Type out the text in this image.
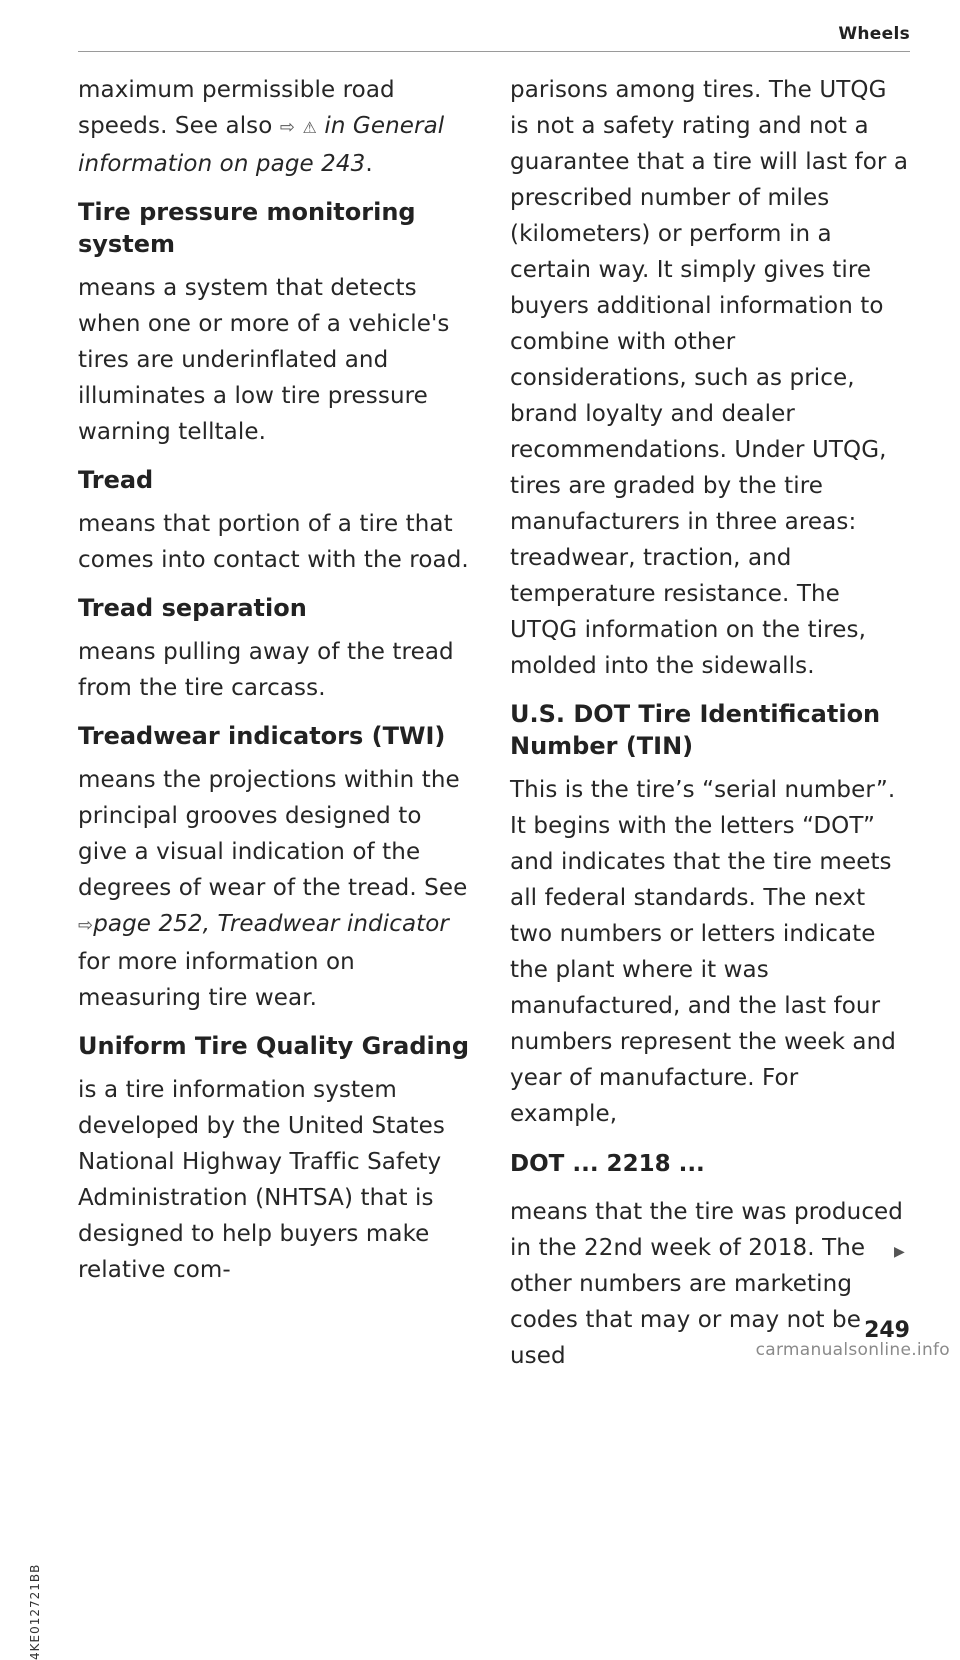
Wheels

maximum permissible road speeds. See also ⇨ ⚠ in General information on page 243.

Tire pressure monitoring system

means a system that detects when one or more of a vehicle's tires are underinflated and illuminates a low tire pressure warning telltale.

Tread

means that portion of a tire that comes into contact with the road.

Tread separation

means pulling away of the tread from the tire carcass.

Treadwear indicators (TWI)

means the projections within the principal grooves designed to give a visual indication of the degrees of wear of the tread. See
⇨page 252, Treadwear indicator for more information on measuring tire wear.

Uniform Tire Quality Grading

is a tire information system developed by the United States National Highway Traffic Safety Administration (NHTSA) that is designed to help buyers make relative com-

parisons among tires. The UTQG is not a safety rating and not a guarantee that a tire will last for a prescribed number of miles (kilometers) or perform in a certain way. It simply gives tire buyers additional information to combine with other considerations, such as price, brand loyalty and dealer recommendations. Under UTQG, tires are graded by the tire manufacturers in three areas: treadwear, traction, and temperature resistance. The UTQG information on the tires, molded into the sidewalls.

U.S. DOT Tire Identification Number (TIN)

This is the tire’s “serial number”. It begins with the letters “DOT” and indicates that the tire meets all federal standards. The next two numbers or letters indicate the plant where it was manufactured, and the last four numbers represent the week and year of manufacture. For example,

DOT ... 2218 ...

means that the tire was produced in the 22nd week of 2018. The other numbers are marketing codes that may or may not be used

▶
4KE012721BB
249
carmanualsonline.info
